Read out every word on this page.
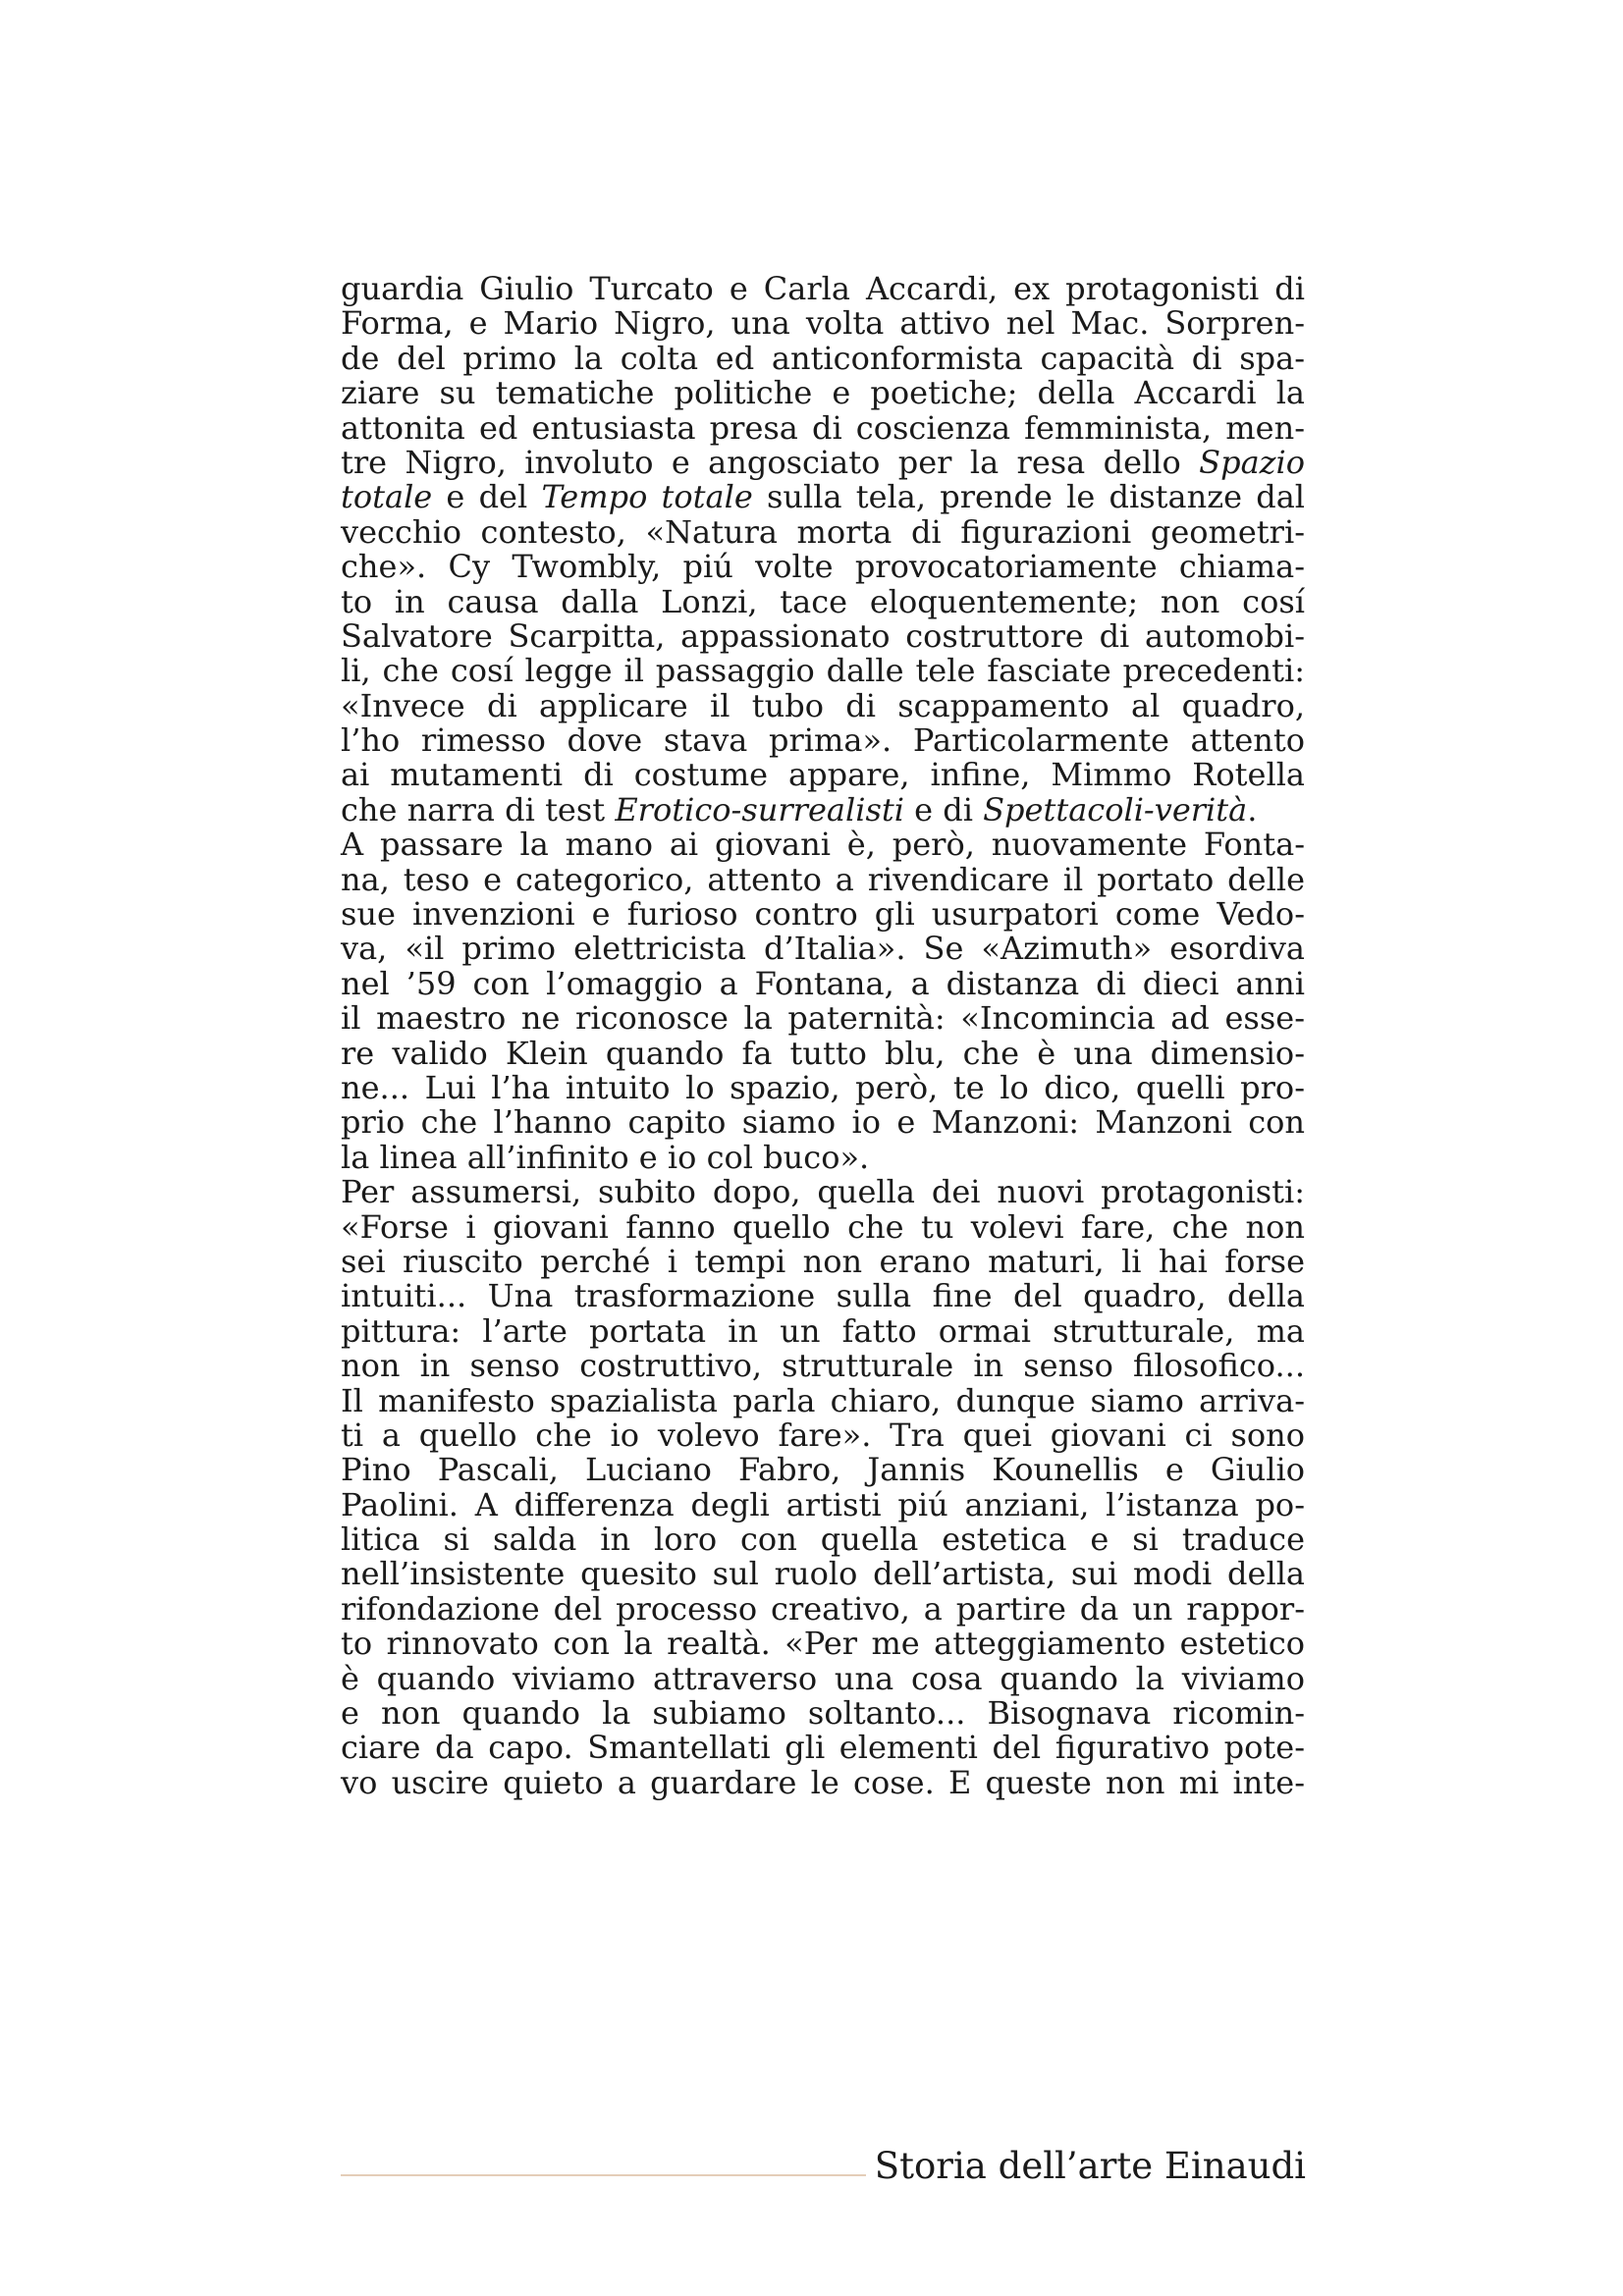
guardia Giulio Turcato e Carla Accardi, ex protagonisti di
Forma, e Mario Nigro, una volta attivo nel Mac. Sorpren-
de del primo la colta ed anticonformista capacità di spa-
ziare su tematiche politiche e poetiche; della Accardi la
attonita ed entusiasta presa di coscienza femminista, men-
tre Nigro, involuto e angosciato per la resa dello Spazio
totale e del Tempo totale sulla tela, prende le distanze dal
vecchio contesto, «Natura morta di figurazioni geometri-
che». Cy Twombly, piú volte provocatoriamente chiama-
to in causa dalla Lonzi, tace eloquentemente; non cosí
Salvatore Scarpitta, appassionato costruttore di automobi-
li, che cosí legge il passaggio dalle tele fasciate precedenti:
«Invece di applicare il tubo di scappamento al quadro,
l’ho rimesso dove stava prima». Particolarmente attento
ai mutamenti di costume appare, infine, Mimmo Rotella
che narra di test Erotico-surrealisti e di Spettacoli-verità.
A passare la mano ai giovani è, però, nuovamente Fonta-
na, teso e categorico, attento a rivendicare il portato delle
sue invenzioni e furioso contro gli usurpatori come Vedo-
va, «il primo elettricista d’Italia». Se «Azimuth» esordiva
nel ’59 con l’omaggio a Fontana, a distanza di dieci anni
il maestro ne riconosce la paternità: «Incomincia ad esse-
re valido Klein quando fa tutto blu, che è una dimensio-
ne... Lui l’ha intuito lo spazio, però, te lo dico, quelli pro-
prio che l’hanno capito siamo io e Manzoni: Manzoni con
la linea all’infinito e io col buco».
Per assumersi, subito dopo, quella dei nuovi protagonisti:
«Forse i giovani fanno quello che tu volevi fare, che non
sei riuscito perché i tempi non erano maturi, li hai forse
intuiti... Una trasformazione sulla fine del quadro, della
pittura: l’arte portata in un fatto ormai strutturale, ma
non in senso costruttivo, strutturale in senso filosofico...
Il manifesto spazialista parla chiaro, dunque siamo arriva-
ti a quello che io volevo fare». Tra quei giovani ci sono
Pino Pascali, Luciano Fabro, Jannis Kounellis e Giulio
Paolini. A differenza degli artisti piú anziani, l’istanza po-
litica si salda in loro con quella estetica e si traduce
nell’insistente quesito sul ruolo dell’artista, sui modi della
rifondazione del processo creativo, a partire da un rappor-
to rinnovato con la realtà. «Per me atteggiamento estetico
è quando viviamo attraverso una cosa quando la viviamo
e non quando la subiamo soltanto... Bisognava ricomin-
ciare da capo. Smantellati gli elementi del figurativo pote-
vo uscire quieto a guardare le cose. E queste non mi inte-
Storia dell’arte Einaudi
